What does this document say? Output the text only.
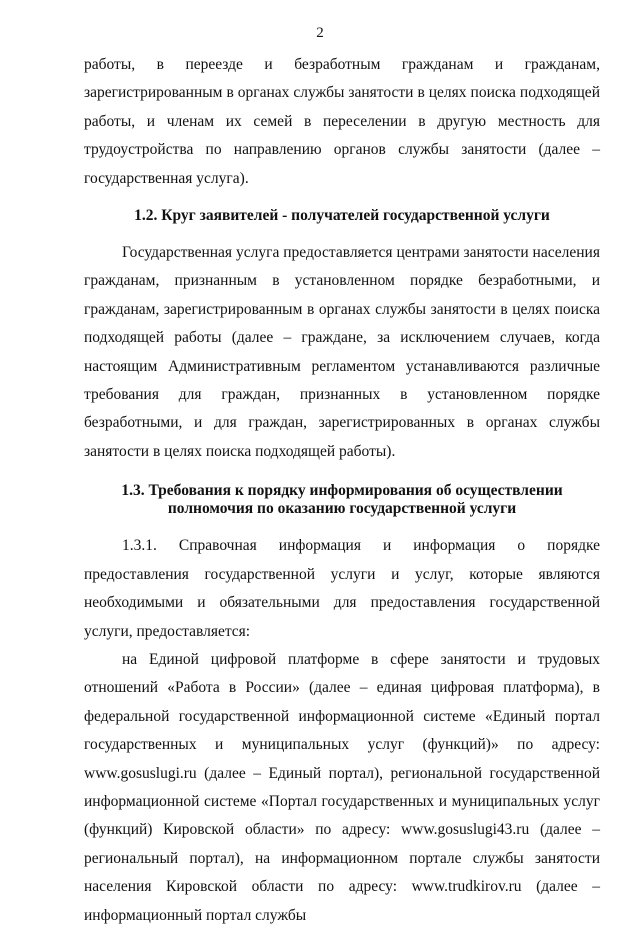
2

работы, в переезде и безработным гражданам и гражданам, зарегистрированным в органах службы занятости в целях поиска подходящей работы, и членам их семей в переселении в другую местность для трудоустройства по направлению органов службы занятости (далее – государственная услуга).

1.2. Круг заявителей - получателей государственной услуги

Государственная услуга предоставляется центрами занятости населения гражданам, признанным в установленном порядке безработными, и гражданам, зарегистрированным в органах службы занятости в целях поиска подходящей работы (далее – граждане, за исключением случаев, когда настоящим Административным регламентом устанавливаются различные требования для граждан, признанных в установленном порядке безработными, и для граждан, зарегистрированных в органах службы занятости в целях поиска подходящей работы).

1.3. Требования к порядку информирования об осуществлении
полномочия по оказанию государственной услуги

1.3.1. Справочная информация и информация о порядке предоставления государственной услуги и услуг, которые являются необходимыми и обязательными для предоставления государственной услуги, предоставляется:

на Единой цифровой платформе в сфере занятости и трудовых отношений «Работа в России» (далее – единая цифровая платформа), в федеральной государственной информационной системе «Единый портал государственных и муниципальных услуг (функций)» по адресу: www.gosuslugi.ru (далее – Единый портал), региональной государственной информационной системе «Портал государственных и муниципальных услуг (функций) Кировской области» по адресу: www.gosuslugi43.ru (далее – региональный портал), на информационном портале службы занятости населения Кировской области по адресу: www.trudkirov.ru (далее – информационный портал службы
